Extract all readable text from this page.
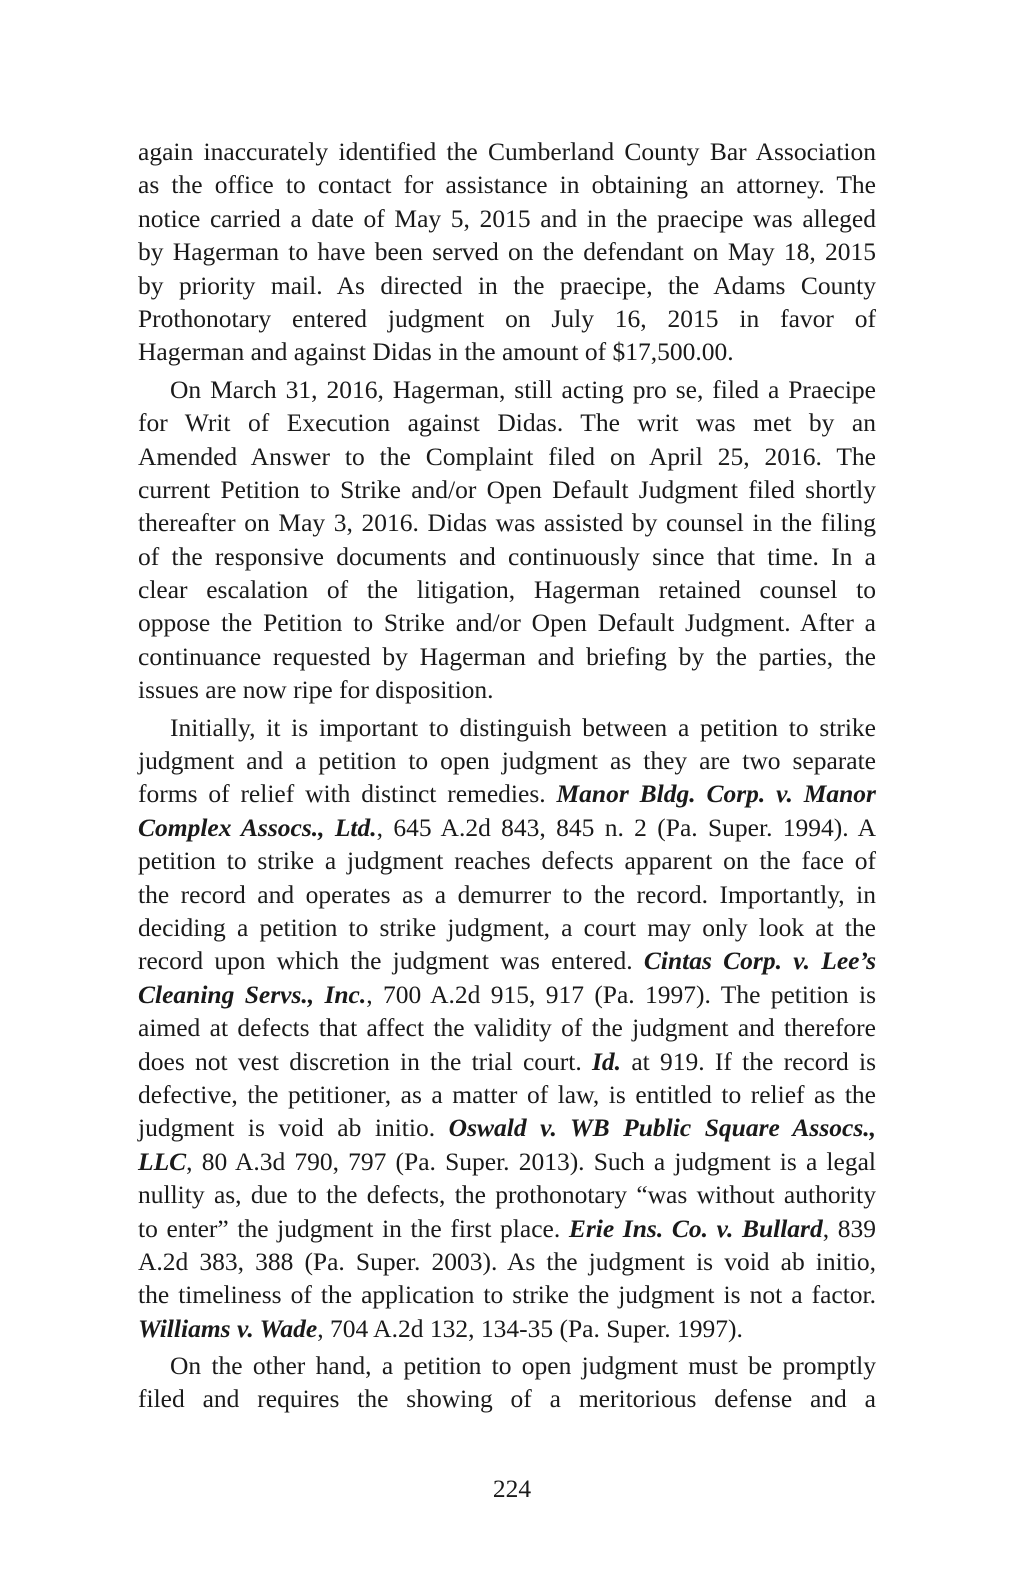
again inaccurately identified the Cumberland County Bar Association
as the office to contact for assistance in obtaining an attorney. The
notice carried a date of May 5, 2015 and in the praecipe was alleged
by Hagerman to have been served on the defendant on May 18, 2015
by priority mail. As directed in the praecipe, the Adams County
Prothonotary entered judgment on July 16, 2015 in favor of
Hagerman and against Didas in the amount of $17,500.00.
On March 31, 2016, Hagerman, still acting pro se, filed a Praecipe
for Writ of Execution against Didas. The writ was met by an
Amended Answer to the Complaint filed on April 25, 2016. The
current Petition to Strike and/or Open Default Judgment filed shortly
thereafter on May 3, 2016. Didas was assisted by counsel in the filing
of the responsive documents and continuously since that time. In a
clear escalation of the litigation, Hagerman retained counsel to
oppose the Petition to Strike and/or Open Default Judgment. After a
continuance requested by Hagerman and briefing by the parties, the
issues are now ripe for disposition.
Initially, it is important to distinguish between a petition to strike
judgment and a petition to open judgment as they are two separate
forms of relief with distinct remedies. Manor Bldg. Corp. v. Manor
Complex Assocs., Ltd., 645 A.2d 843, 845 n. 2 (Pa. Super. 1994). A
petition to strike a judgment reaches defects apparent on the face of
the record and operates as a demurrer to the record. Importantly, in
deciding a petition to strike judgment, a court may only look at the
record upon which the judgment was entered. Cintas Corp. v. Lee’s
Cleaning Servs., Inc., 700 A.2d 915, 917 (Pa. 1997). The petition is
aimed at defects that affect the validity of the judgment and therefore
does not vest discretion in the trial court. Id. at 919. If the record is
defective, the petitioner, as a matter of law, is entitled to relief as the
judgment is void ab initio. Oswald v. WB Public Square Assocs.,
LLC, 80 A.3d 790, 797 (Pa. Super. 2013). Such a judgment is a legal
nullity as, due to the defects, the prothonotary “was without authority
to enter” the judgment in the first place. Erie Ins. Co. v. Bullard, 839
A.2d 383, 388 (Pa. Super. 2003). As the judgment is void ab initio,
the timeliness of the application to strike the judgment is not a factor.
Williams v. Wade, 704 A.2d 132, 134-35 (Pa. Super. 1997).
On the other hand, a petition to open judgment must be promptly
filed and requires the showing of a meritorious defense and a
224
